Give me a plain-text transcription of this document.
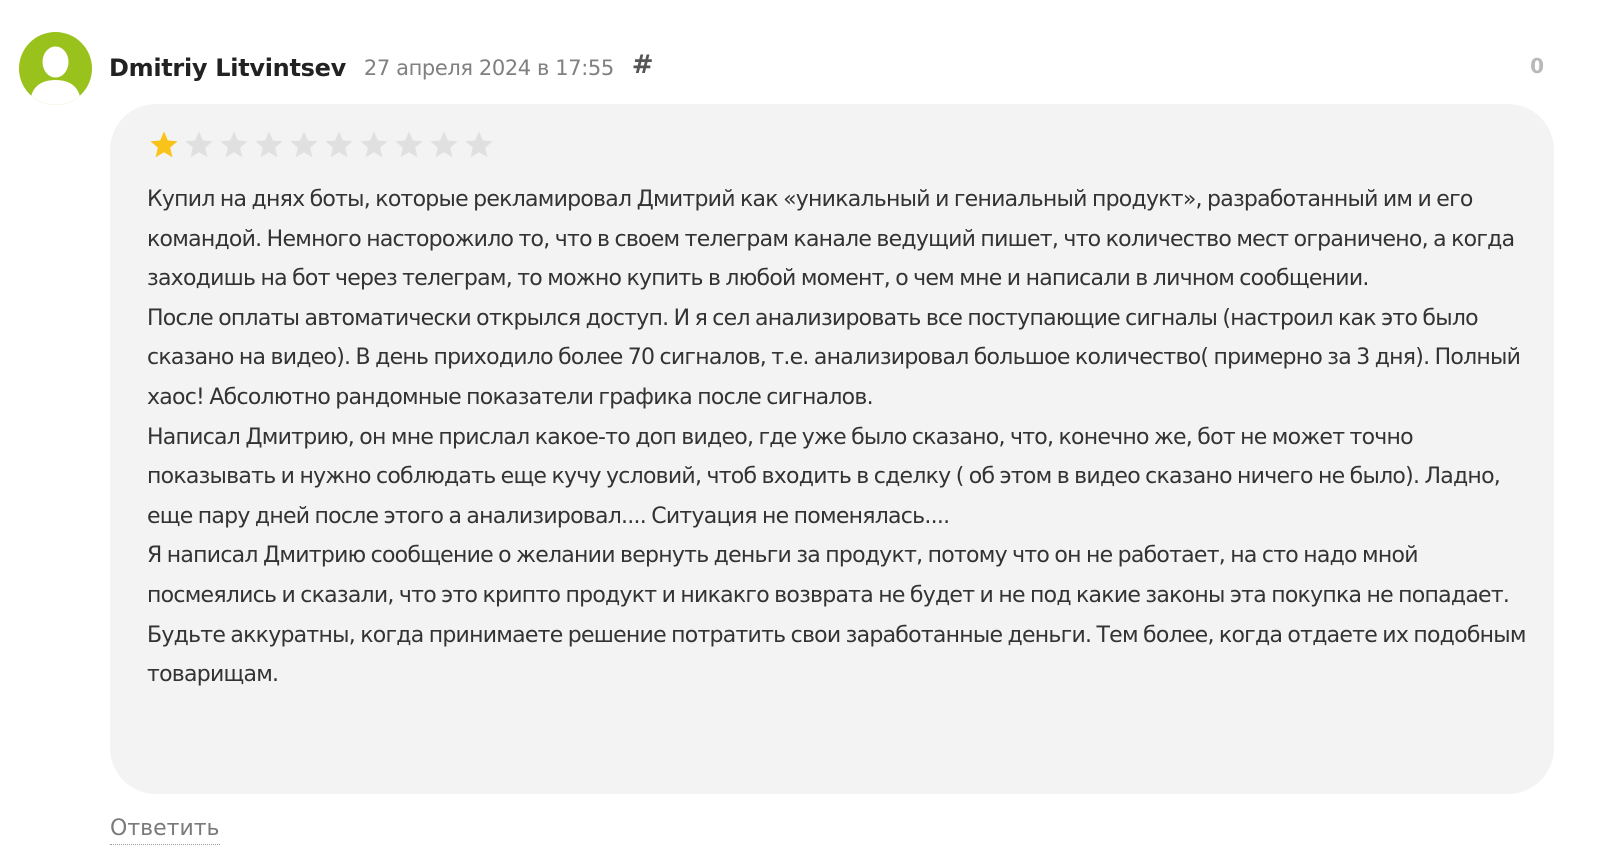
Dmitriy Litvintsev 27 апреля 2024 в 17:55 #	0

Купил на днях боты, которые рекламировал Дмитрий как «уникальный и гениальный продукт», разработанный им и его командой. Немного насторожило то, что в своем телеграм канале ведущий пишет, что количество мест ограничено, а когда заходишь на бот через телеграм, то можно купить в любой момент, о чем мне и написали в личном сообщении.

После оплаты автоматически открылся доступ. И я сел анализировать все поступающие сигналы (настроил как это было сказано на видео). В день приходило более 70 сигналов, т.е. анализировал большое количество( примерно за 3 дня). Полный хаос! Абсолютно рандомные показатели графика после сигналов.

Написал Дмитрию, он мне прислал какое-то доп видео, где уже было сказано, что, конечно же, бот не может точно показывать и нужно соблюдать еще кучу условий, чтоб входить в сделку ( об этом в видео сказано ничего не было). Ладно, еще пару дней после этого а анализировал.... Ситуация не поменялась....

Я написал Дмитрию сообщение о желании вернуть деньги за продукт, потому что он не работает, на сто надо мной посмеялись и сказали, что это крипто продукт и никакго возврата не будет и не под какие законы эта покупка не попадает.

Будьте аккуратны, когда принимаете решение потратить свои заработанные деньги. Тем более, когда отдаете их подобным товарищам.

Ответить
